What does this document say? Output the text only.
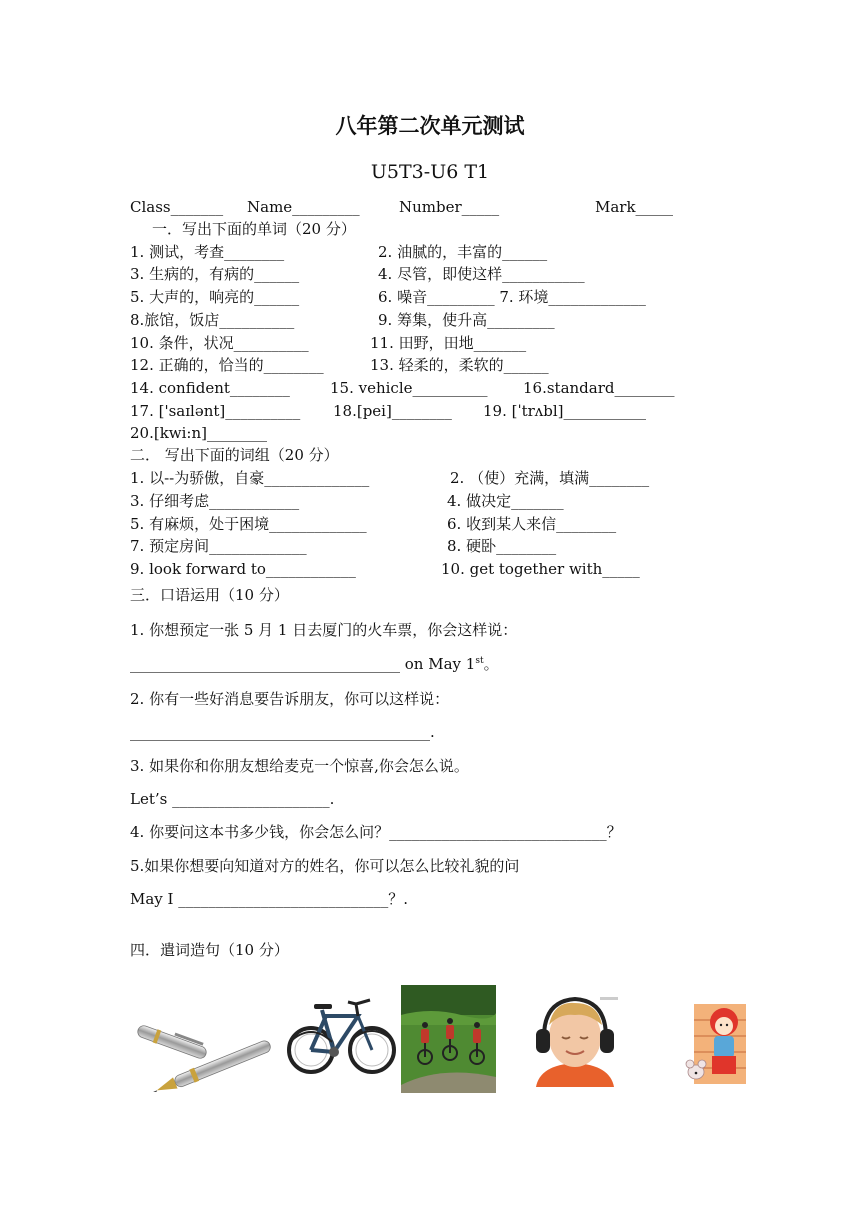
八年第二次单元测试
U5T3-U6 T1
Class_______ Name_________	Number_____	Mark_____
一．写出下面的单词（20 分）
1. 测试，考查________	2. 油腻的，丰富的______
3. 生病的，有病的______	4. 尽管，即使这样___________
5. 大声的，响亮的______	6. 噪音_________ 7. 环境_____________
8.旅馆，饭店__________	9. 筹集，使升高_________
10. 条件，状况__________	11. 田野，田地_______
12. 正确的，恰当的________	13. 轻柔的，柔软的______
14. confident________	15. vehicle__________ 16.standard________
17. ['saɪlənt]__________ 18.[pei]________ 19. [ˈtrʌbl]___________
20.[kwi:n]________
二． 写出下面的词组（20 分）
1. 以--为骄傲，自豪______________	2. （使）充满，填满________
3. 仔细考虑____________	4. 做决定_______
5. 有麻烦，处于困境_____________	6. 收到某人来信________
7. 预定房间_____________	8. 硬卧________
9. look forward to____________	10. get together with_____
三．口语运用（10 分）
1. 你想预定一张 5 月 1 日去厦门的火车票，你会这样说：
____________________________________ on May 1st。
2. 你有一些好消息要告诉朋友，你可以这样说：
________________________________________.
3. 如果你和你朋友想给麦克一个惊喜,你会怎么说。
Let’s _____________________.
4. 你要问这本书多少钱，你会怎么问？_____________________________？
5.如果你想要向知道对方的姓名，你可以怎么比较礼貌的问
May I ____________________________？.
四．遣词造句（10 分）
